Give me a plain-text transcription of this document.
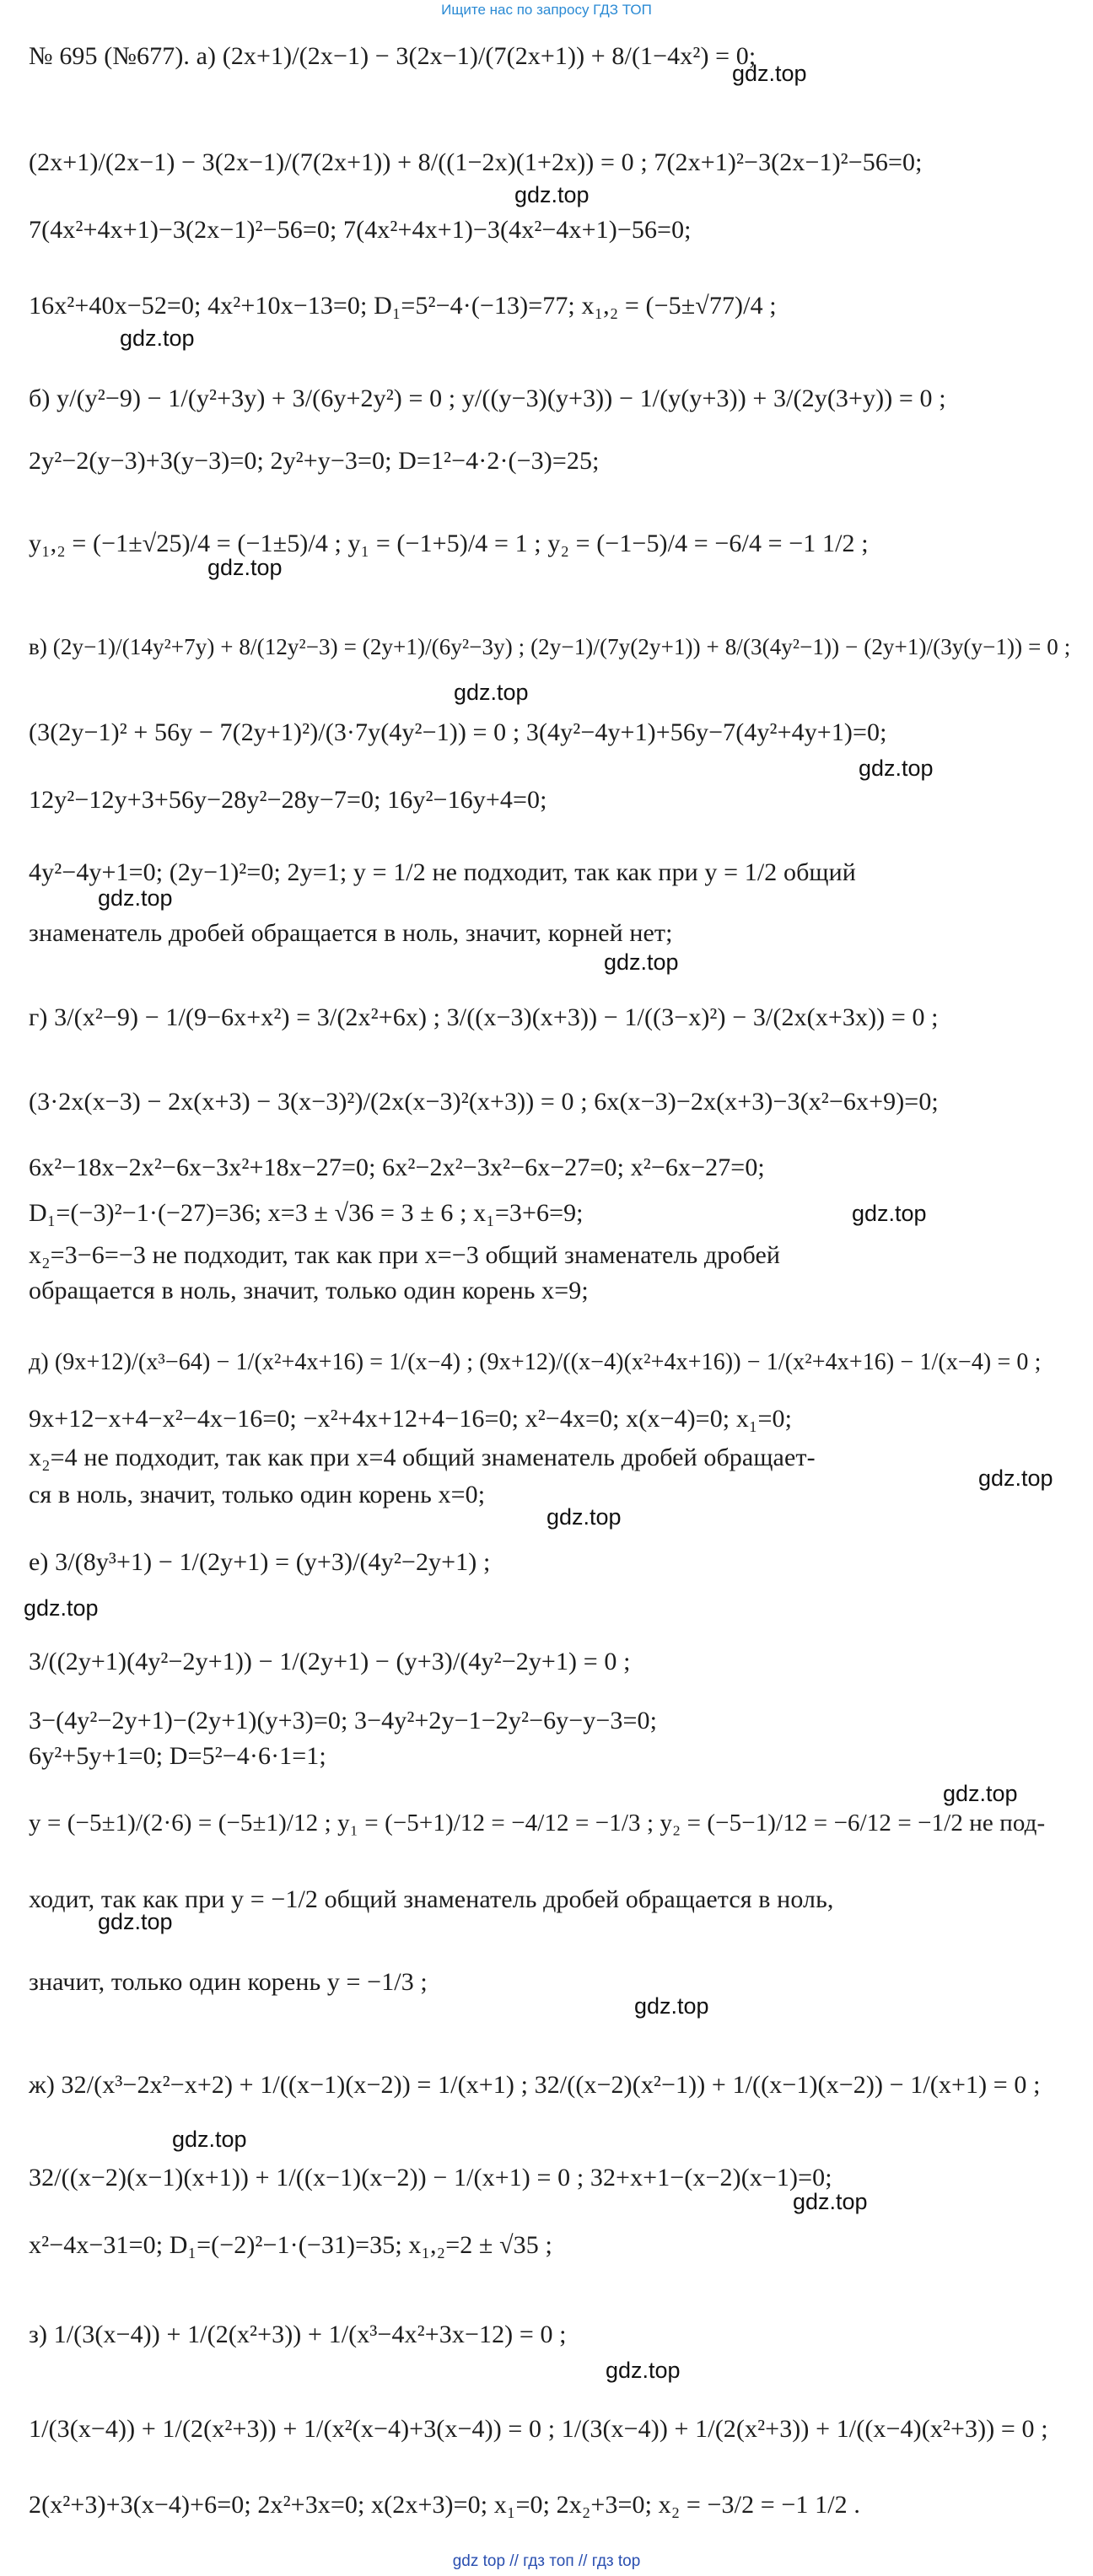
Ищите нас по запросу ГДЗ ТОП
№ 695 (№677). а) (2x+1)/(2x−1) − 3(2x−1)/(7(2x+1)) + 8/(1−4x²) = 0;
(2x+1)/(2x−1) − 3(2x−1)/(7(2x+1)) + 8/((1−2x)(1+2x)) = 0 ; 7(2x+1)²−3(2x−1)²−56=0;
7(4x²+4x+1)−3(2x−1)²−56=0; 7(4x²+4x+1)−3(4x²−4x+1)−56=0;
16x²+40x−52=0; 4x²+10x−13=0; D₁=5²−4·(−13)=77; x₁,₂ = (−5±√77)/4 ;
б) y/(y²−9) − 1/(y²+3y) + 3/(6y+2y²) = 0 ; y/((y−3)(y+3)) − 1/(y(y+3)) + 3/(2y(3+y)) = 0 ;
2y²−2(y−3)+3(y−3)=0; 2y²+y−3=0; D=1²−4·2·(−3)=25;
y₁,₂ = (−1±√25)/4 = (−1±5)/4 ; y₁ = (−1+5)/4 = 1 ; y₂ = (−1−5)/4 = −6/4 = −1 1/2 ;
в) (2y−1)/(14y²+7y) + 8/(12y²−3) = (2y+1)/(6y²−3y) ; (2y−1)/(7y(2y+1)) + 8/(3(4y²−1)) − (2y+1)/(3y(y−1)) = 0 ;
(3(2y−1)² + 56y − 7(2y+1)²)/(3·7y(4y²−1)) = 0 ; 3(4y²−4y+1)+56y−7(4y²+4y+1)=0;
12y²−12y+3+56y−28y²−28y−7=0; 16y²−16y+4=0;
4y²−4y+1=0; (2y−1)²=0; 2y=1; y = 1/2 не подходит, так как при y = 1/2 общий
знаменатель дробей обращается в ноль, значит, корней нет;
г) 3/(x²−9) − 1/(9−6x+x²) = 3/(2x²+6x) ; 3/((x−3)(x+3)) − 1/((3−x)²) − 3/(2x(x+3x)) = 0 ;
(3·2x(x−3) − 2x(x+3) − 3(x−3)²)/(2x(x−3)²(x+3)) = 0 ; 6x(x−3)−2x(x+3)−3(x²−6x+9)=0;
6x²−18x−2x²−6x−3x²+18x−27=0; 6x²−2x²−3x²−6x−27=0; x²−6x−27=0;
D₁=(−3)²−1·(−27)=36; x=3 ± √36 = 3 ± 6 ; x₁=3+6=9;
x₂=3−6=−3 не подходит, так как при x=−3 общий знаменатель дробей
обращается в ноль, значит, только один корень x=9;
д) (9x+12)/(x³−64) − 1/(x²+4x+16) = 1/(x−4) ; (9x+12)/((x−4)(x²+4x+16)) − 1/(x²+4x+16) − 1/(x−4) = 0 ;
9x+12−x+4−x²−4x−16=0; −x²+4x+12+4−16=0; x²−4x=0; x(x−4)=0; x₁=0;
x₂=4 не подходит, так как при x=4 общий знаменатель дробей обращает-
ся в ноль, значит, только один корень x=0;
е) 3/(8y³+1) − 1/(2y+1) = (y+3)/(4y²−2y+1) ;
3/((2y+1)(4y²−2y+1)) − 1/(2y+1) − (y+3)/(4y²−2y+1) = 0 ;
3−(4y²−2y+1)−(2y+1)(y+3)=0; 3−4y²+2y−1−2y²−6y−y−3=0;
6y²+5y+1=0; D=5²−4·6·1=1;
y = (−5±1)/(2·6) = (−5±1)/12 ; y₁ = (−5+1)/12 = −4/12 = −1/3 ; y₂ = (−5−1)/12 = −6/12 = −1/2 не под-
ходит, так как при y = −1/2 общий знаменатель дробей обращается в ноль,
значит, только один корень y = −1/3 ;
ж) 32/(x³−2x²−x+2) + 1/((x−1)(x−2)) = 1/(x+1) ; 32/((x−2)(x²−1)) + 1/((x−1)(x−2)) − 1/(x+1) = 0 ;
32/((x−2)(x−1)(x+1)) + 1/((x−1)(x−2)) − 1/(x+1) = 0 ; 32+x+1−(x−2)(x−1)=0;
x²−4x−31=0; D₁=(−2)²−1·(−31)=35; x₁,₂=2 ± √35 ;
з) 1/(3(x−4)) + 1/(2(x²+3)) + 1/(x³−4x²+3x−12) = 0 ;
1/(3(x−4)) + 1/(2(x²+3)) + 1/(x²(x−4)+3(x−4)) = 0 ; 1/(3(x−4)) + 1/(2(x²+3)) + 1/((x−4)(x²+3)) = 0 ;
2(x²+3)+3(x−4)+6=0; 2x²+3x=0; x(2x+3)=0; x₁=0; 2x₂+3=0; x₂ = −3/2 = −1 1/2 .
gdz.top
gdz.top
gdz.top
gdz.top
gdz.top
gdz.top
gdz.top
gdz.top
gdz.top
gdz.top
gdz.top
gdz.top
gdz.top
gdz.top
gdz.top
gdz.top
gdz.top
gdz.top
gdz top // гдз топ // гдз top
